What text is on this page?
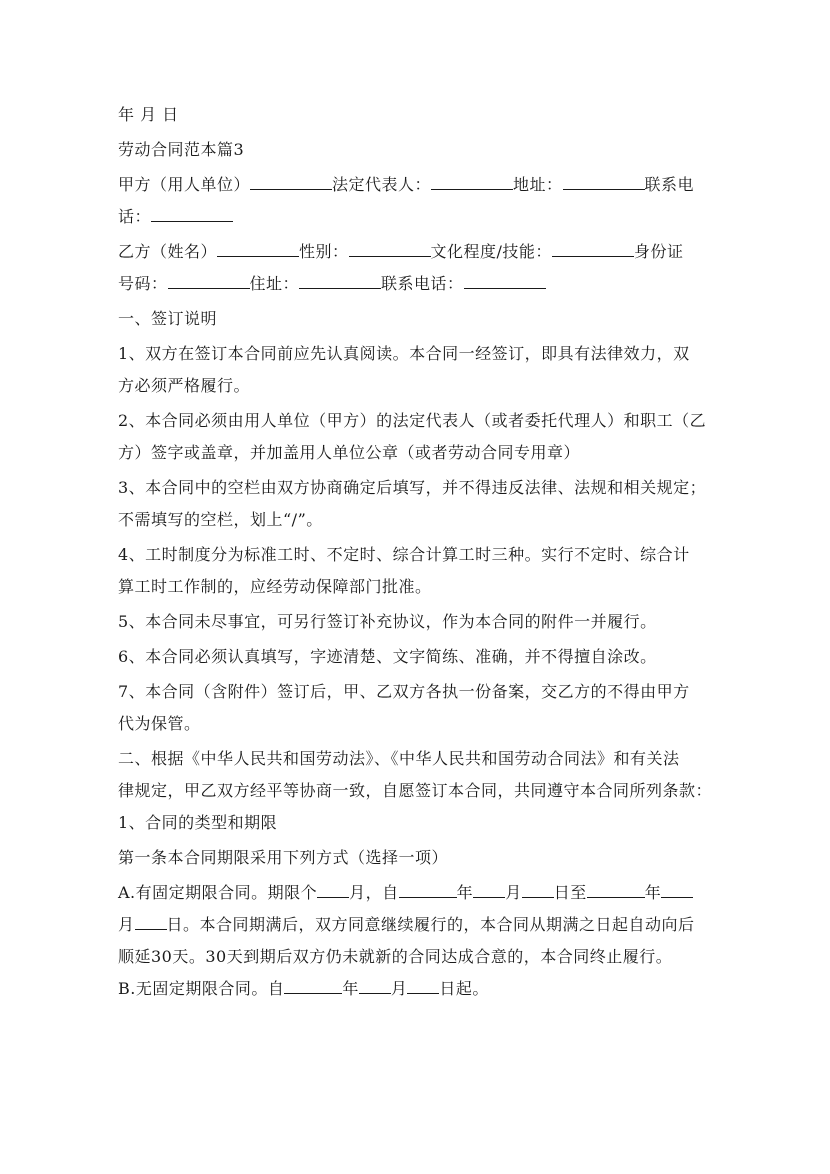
年 月 日
劳动合同范本篇3
甲方（用人单位）	法定代表人：	地址：	联系电
话：
乙方（姓名）	性别：	文化程度/技能：	身份证
号码：	住址：	联系电话：
一、签订说明
1、双方在签订本合同前应先认真阅读。本合同一经签订，即具有法律效力，双
方必须严格履行。
2、本合同必须由用人单位（甲方）的法定代表人（或者委托代理人）和职工（乙
方）签字或盖章，并加盖用人单位公章（或者劳动合同专用章）
3、本合同中的空栏由双方协商确定后填写，并不得违反法律、法规和相关规定；
不需填写的空栏，划上“/”。
4、工时制度分为标准工时、不定时、综合计算工时三种。实行不定时、综合计
算工时工作制的，应经劳动保障部门批准。
5、本合同未尽事宜，可另行签订补充协议，作为本合同的附件一并履行。
6、本合同必须认真填写，字迹清楚、文字简练、准确，并不得擅自涂改。
7、本合同（含附件）签订后，甲、乙双方各执一份备案，交乙方的不得由甲方
代为保管。
二、根据《中华人民共和国劳动法》、《中华人民共和国劳动合同法》和有关法
律规定，甲乙双方经平等协商一致，自愿签订本合同，共同遵守本合同所列条款：
1、合同的类型和期限
第一条本合同期限采用下列方式（选择一项）
A.有固定期限合同。期限个 月，自	年 月 日至	年
月 日。本合同期满后，双方同意继续履行的，本合同从期满之日起自动向后
顺延30天。30天到期后双方仍未就新的合同达成合意的，本合同终止履行。
B.无固定期限合同。自	年 月 日起。
